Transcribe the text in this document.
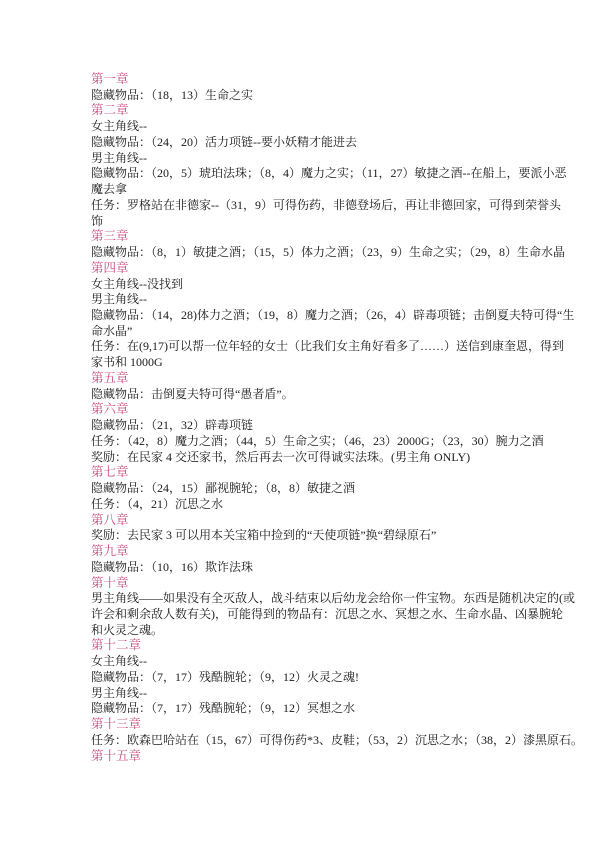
第一章
隐藏物品：（18，13）生命之实
第二章
女主角线--
隐藏物品：（24，20）活力项链--要小妖精才能进去
男主角线--
隐藏物品：（20，5）琥珀法珠；（8，4）魔力之实；（11，27）敏捷之酒--在船上，要派小恶
魔去拿
任务：罗格站在非德家--（31，9）可得伤药，非德登场后，再让非德回家，可得到荣誉头
饰
第三章
隐藏物品：（8，1）敏捷之酒；（15，5）体力之酒；（23，9）生命之实；（29，8）生命水晶
第四章
女主角线--没找到
男主角线--
隐藏物品：（14，28)体力之酒；（19，8）魔力之酒；（26，4）辟毒项链；击倒夏夫特可得“生
命水晶”
任务：在(9,17)可以帮一位年轻的女士（比我们女主角好看多了……）送信到康奎恩，得到
家书和 1000G
第五章
隐藏物品：击倒夏夫特可得“愚者盾”。
第六章
隐藏物品：（21，32）辟毒项链
任务：（42，8）魔力之酒；（44，5）生命之实；（46，23）2000G；（23，30）腕力之酒
奖励：在民家 4 交还家书，然后再去一次可得诚实法珠。(男主角 ONLY)
第七章
隐藏物品：（24，15）鄙视腕轮；（8，8）敏捷之酒
任务：（4，21）沉思之水
第八章
奖励：去民家 3 可以用本关宝箱中捡到的“天使项链”换“碧绿原石”
第九章
隐藏物品：（10，16）欺诈法珠
第十章
男主角线——如果没有全灭敌人，战斗结束以后幼龙会给你一件宝物。东西是随机决定的(或
许会和剩余敌人数有关)，可能得到的物品有：沉思之水、冥想之水、生命水晶、凶暴腕轮
和火灵之魂。
第十二章
女主角线--
隐藏物品：（7，17）残酷腕轮；（9，12）火灵之魂!
男主角线--
隐藏物品：（7，17）残酷腕轮；（9，12）冥想之水
第十三章
任务：欧森巴哈站在（15，67）可得伤药*3、皮鞋；（53，2）沉思之水；（38，2）漆黑原石。
第十五章
